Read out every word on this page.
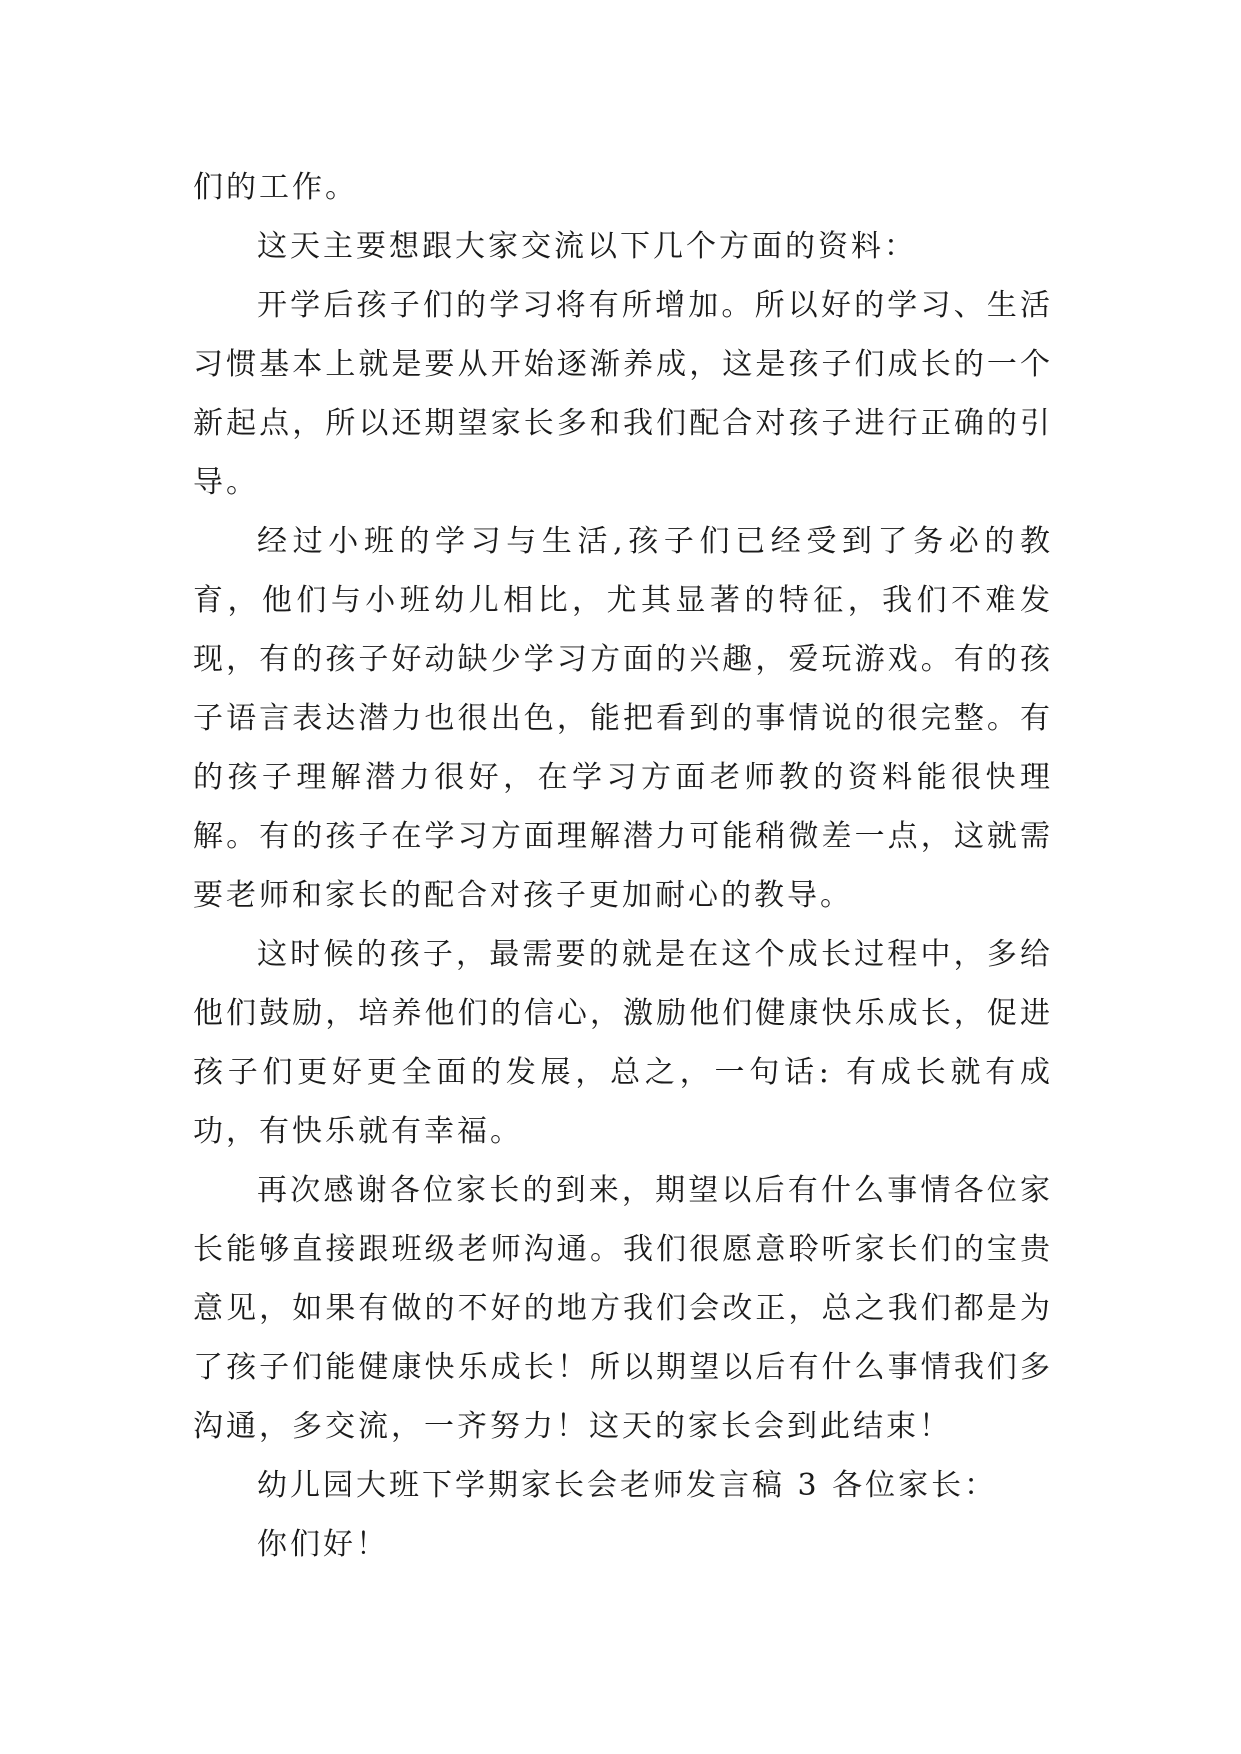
们的工作。

这天主要想跟大家交流以下几个方面的资料：

开学后孩子们的学习将有所增加。所以好的学习、生活习惯基本上就是要从开始逐渐养成，这是孩子们成长的一个新起点，所以还期望家长多和我们配合对孩子进行正确的引导。

经过小班的学习与生活,孩子们已经受到了务必的教育，他们与小班幼儿相比，尤其显著的特征，我们不难发现，有的孩子好动缺少学习方面的兴趣，爱玩游戏。有的孩子语言表达潜力也很出色，能把看到的事情说的很完整。有的孩子理解潜力很好，在学习方面老师教的资料能很快理解。有的孩子在学习方面理解潜力可能稍微差一点，这就需要老师和家长的配合对孩子更加耐心的教导。

这时候的孩子，最需要的就是在这个成长过程中，多给他们鼓励，培养他们的信心，激励他们健康快乐成长，促进孩子们更好更全面的发展，总之，一句话: 有成长就有成功，有快乐就有幸福。

再次感谢各位家长的到来，期望以后有什么事情各位家长能够直接跟班级老师沟通。我们很愿意聆听家长们的宝贵意见，如果有做的不好的地方我们会改正，总之我们都是为了孩子们能健康快乐成长！所以期望以后有什么事情我们多沟通，多交流，一齐努力！这天的家长会到此结束！

幼儿园大班下学期家长会老师发言稿 3 各位家长：

你们好！
